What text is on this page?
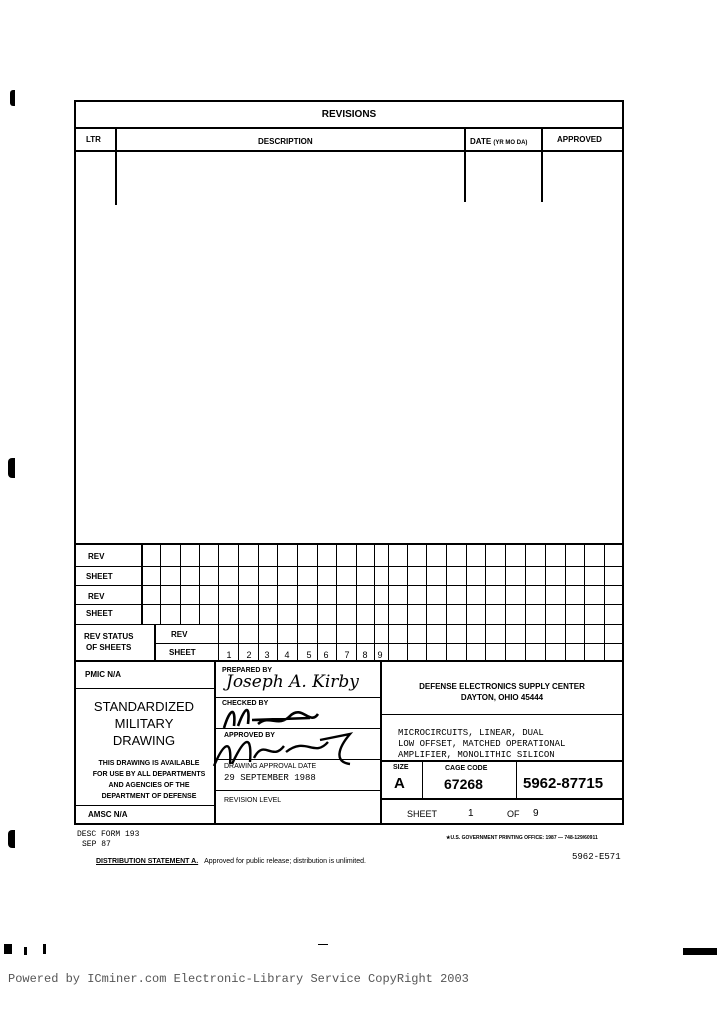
REVISIONS
LTR	DESCRIPTION	DATE (YR MO DA)	APPROVED
REV
SHEET
REV
SHEET
REV STATUS
OF SHEETS
REV
SHEET	1	2	3	4	5	6	7	8	9
PMIC N/A
STANDARDIZED
MILITARY
DRAWING
THIS DRAWING IS AVAILABLE
FOR USE BY ALL DEPARTMENTS
AND AGENCIES OF THE
DEPARTMENT OF DEFENSE
AMSC N/A
PREPARED BY
Joseph A. Kirby
CHECKED BY
APPROVED BY
DRAWING APPROVAL DATE
29 SEPTEMBER 1988
REVISION LEVEL
DEFENSE ELECTRONICS SUPPLY CENTER
DAYTON, OHIO 45444
MICROCIRCUITS, LINEAR, DUAL
LOW OFFSET, MATCHED OPERATIONAL
AMPLIFIER, MONOLITHIC SILICON
SIZE
A
CAGE CODE
67268	5962-87715
SHEET	1	OF 9
DESC FORM 193
SEP 87
★U.S. GOVERNMENT PRINTING OFFICE: 1987 — 748-129/60911
5962-E571
DISTRIBUTION STATEMENT A. Approved for public release; distribution is unlimited.
Powered by ICminer.com Electronic-Library Service CopyRight 2003
